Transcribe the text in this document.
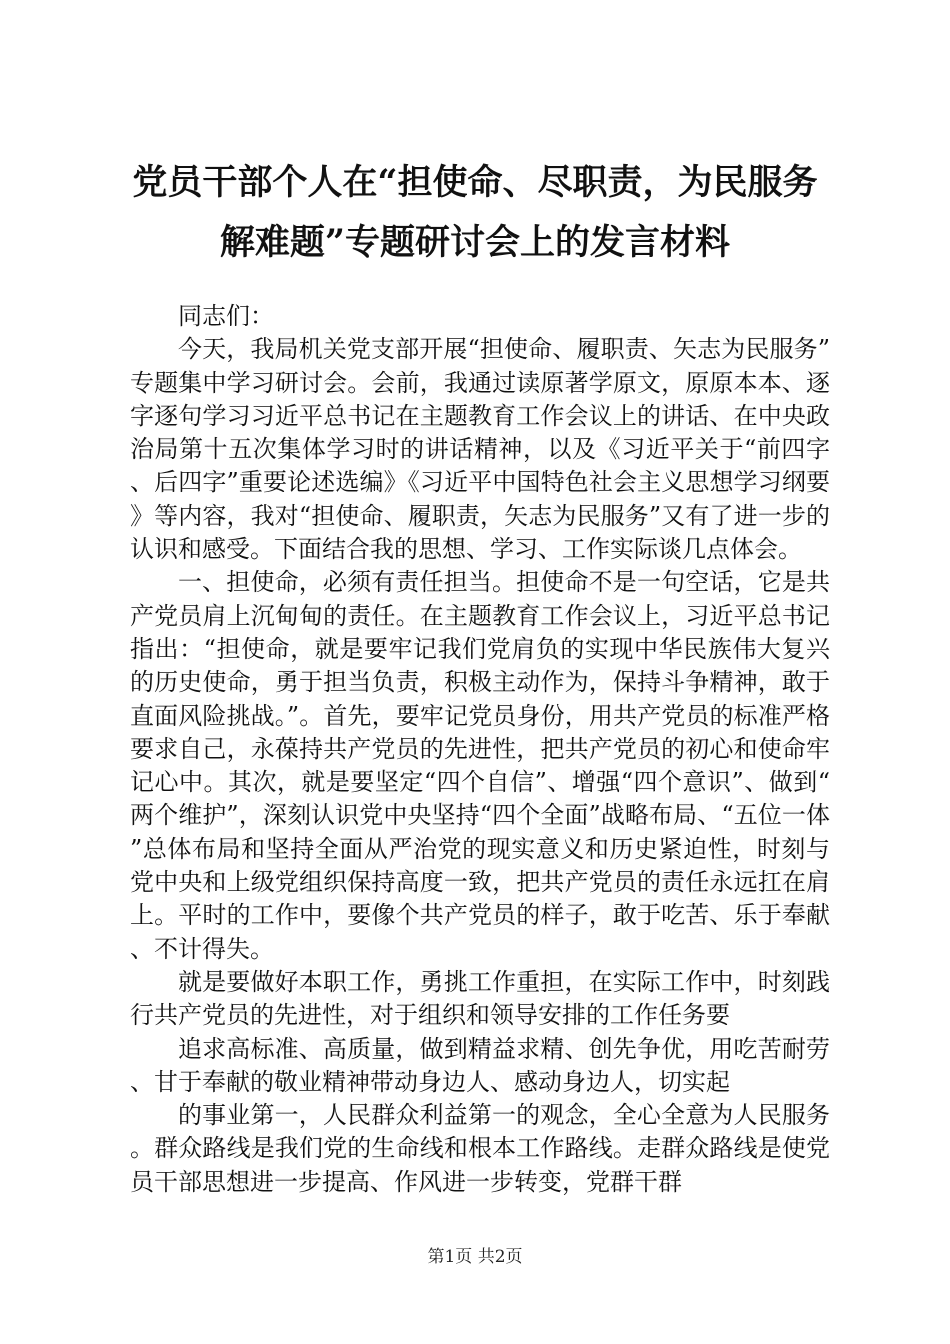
党员干部个人在“担使命、尽职责，为民服务
解难题”专题研讨会上的发言材料

同志们：

今天，我局机关党支部开展“担使命、履职责、矢志为民服务”专题集中学习研讨会。会前，我通过读原著学原文，原原本本、逐字逐句学习习近平总书记在主题教育工作会议上的讲话、在中央政治局第十五次集体学习时的讲话精神，以及《习近平关于“前四字、后四字”重要论述选编》《习近平中国特色社会主义思想学习纲要》等内容，我对“担使命、履职责，矢志为民服务”又有了进一步的认识和感受。下面结合我的思想、学习、工作实际谈几点体会。

一、担使命，必须有责任担当。担使命不是一句空话，它是共产党员肩上沉甸甸的责任。在主题教育工作会议上，习近平总书记指出：“担使命，就是要牢记我们党肩负的实现中华民族伟大复兴的历史使命，勇于担当负责，积极主动作为，保持斗争精神，敢于直面风险挑战。”。首先，要牢记党员身份，用共产党员的标准严格要求自己，永葆持共产党员的先进性，把共产党员的初心和使命牢记心中。其次，就是要坚定“四个自信”、增强“四个意识”、做到“两个维护”，深刻认识党中央坚持“四个全面”战略布局、“五位一体”总体布局和坚持全面从严治党的现实意义和历史紧迫性，时刻与党中央和上级党组织保持高度一致，把共产党员的责任永远扛在肩上。平时的工作中，要像个共产党员的样子，敢于吃苦、乐于奉献、不计得失。

就是要做好本职工作，勇挑工作重担，在实际工作中，时刻践行共产党员的先进性，对于组织和领导安排的工作任务要

追求高标准、高质量，做到精益求精、创先争优，用吃苦耐劳、甘于奉献的敬业精神带动身边人、感动身边人，切实起

的事业第一，人民群众利益第一的观念，全心全意为人民服务。群众路线是我们党的生命线和根本工作路线。走群众路线是使党员干部思想进一步提高、作风进一步转变，党群干群

第1页 共2页
